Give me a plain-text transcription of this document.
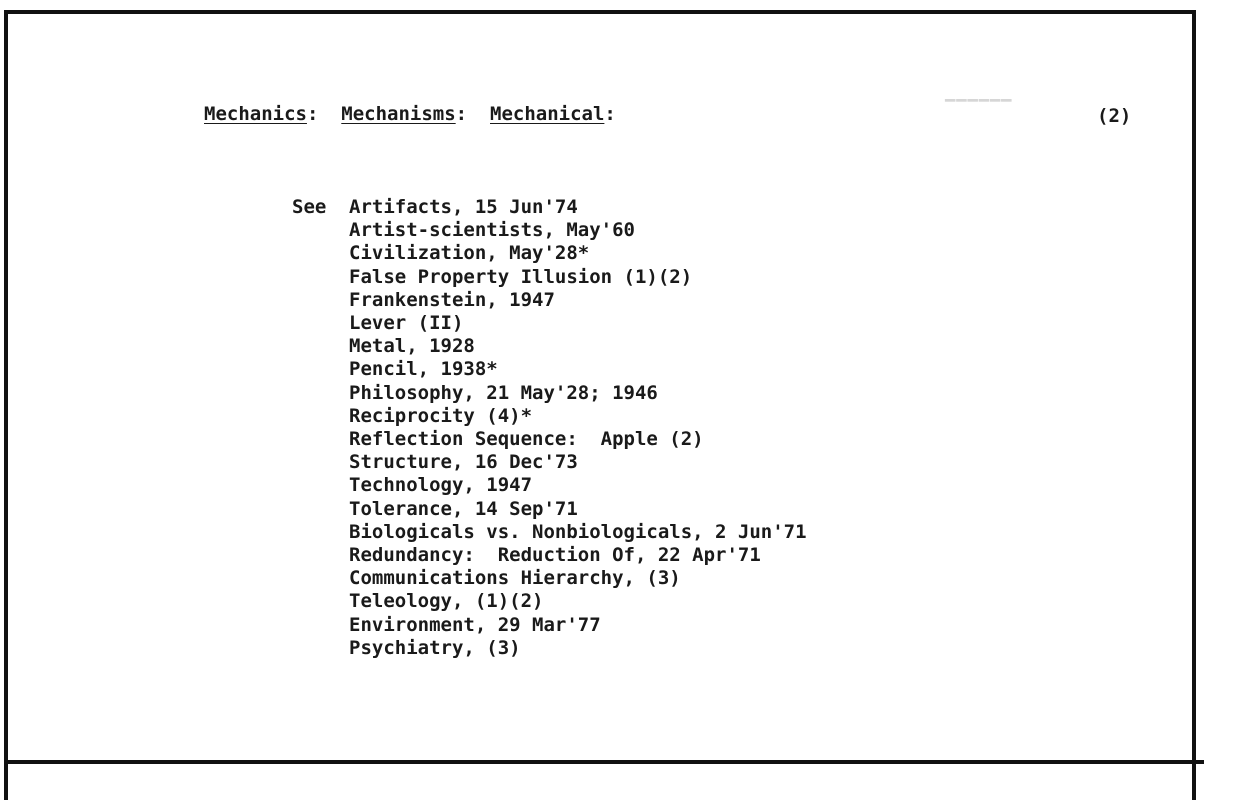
▔▔▔▔▔▔
Mechanics:  Mechanisms:  Mechanical:	(2)
See Artifacts, 15 Jun'74
Artist-scientists, May'60
Civilization, May'28*
False Property Illusion (1)(2)
Frankenstein, 1947
Lever (II)
Metal, 1928
Pencil, 1938*
Philosophy, 21 May'28; 1946
Reciprocity (4)*
Reflection Sequence:  Apple (2)
Structure, 16 Dec'73
Technology, 1947
Tolerance, 14 Sep'71
Biologicals vs. Nonbiologicals, 2 Jun'71
Redundancy:  Reduction Of, 22 Apr'71
Communications Hierarchy, (3)
Teleology, (1)(2)
Environment, 29 Mar'77
Psychiatry, (3)
